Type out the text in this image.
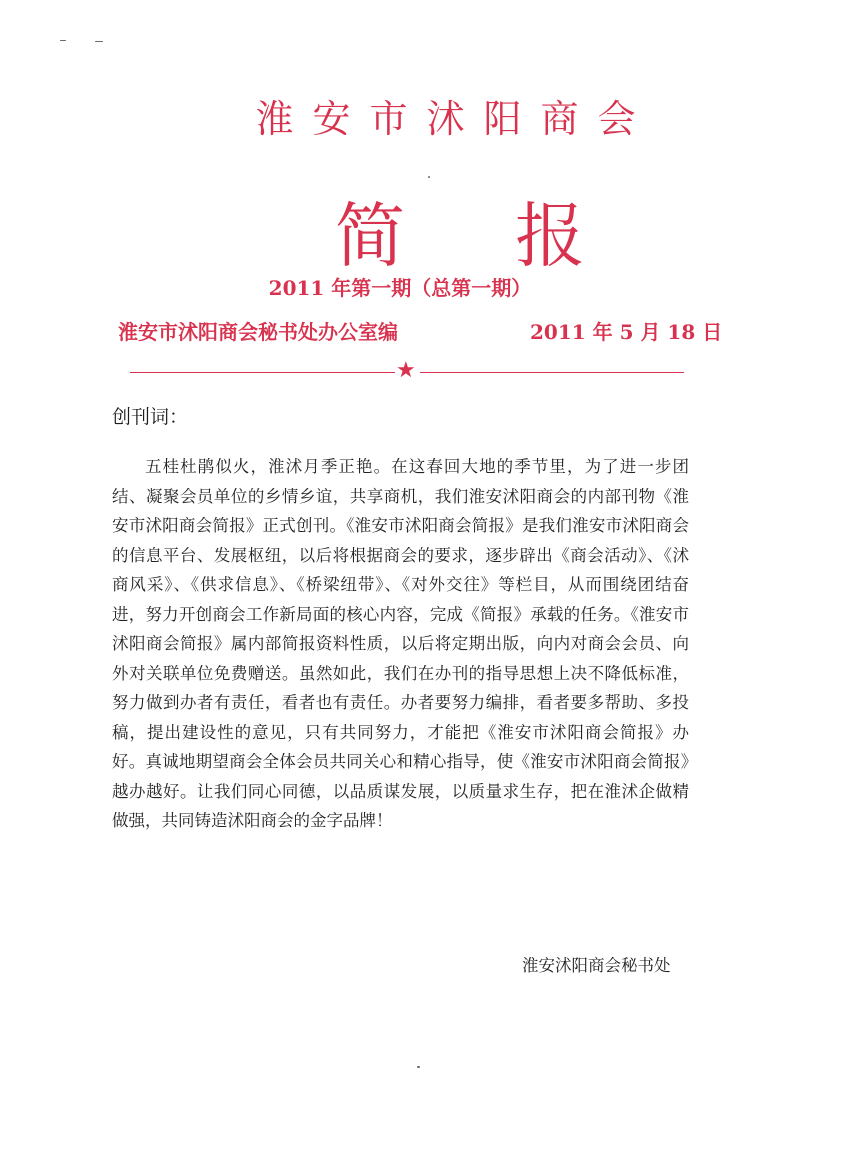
淮安市沭阳商会
简报
2011 年第一期（总第一期）
淮安市沭阳商会秘书处办公室编	2011 年 5 月 18 日
★
创刊词：
五桂杜鹃似火，淮沭月季正艳。在这春回大地的季节里，为了进一步团结、凝聚会员单位的乡情乡谊，共享商机，我们淮安沭阳商会的内部刊物《淮安市沭阳商会简报》正式创刊。《淮安市沭阳商会简报》是我们淮安市沭阳商会的信息平台、发展枢纽，以后将根据商会的要求，逐步辟出《商会活动》、《沭商风采》、《供求信息》、《桥梁纽带》、《对外交往》等栏目，从而围绕团结奋进，努力开创商会工作新局面的核心内容，完成《简报》承载的任务。《淮安市沭阳商会简报》属内部简报资料性质，以后将定期出版，向内对商会会员、向外对关联单位免费赠送。虽然如此，我们在办刊的指导思想上决不降低标准，努力做到办者有责任，看者也有责任。办者要努力编排，看者要多帮助、多投稿，提出建设性的意见，只有共同努力，才能把《淮安市沭阳商会简报》办好。真诚地期望商会全体会员共同关心和精心指导，使《淮安市沭阳商会简报》越办越好。让我们同心同德，以品质谋发展，以质量求生存，把在淮沭企做精做强，共同铸造沭阳商会的金字品牌！
淮安沭阳商会秘书处
